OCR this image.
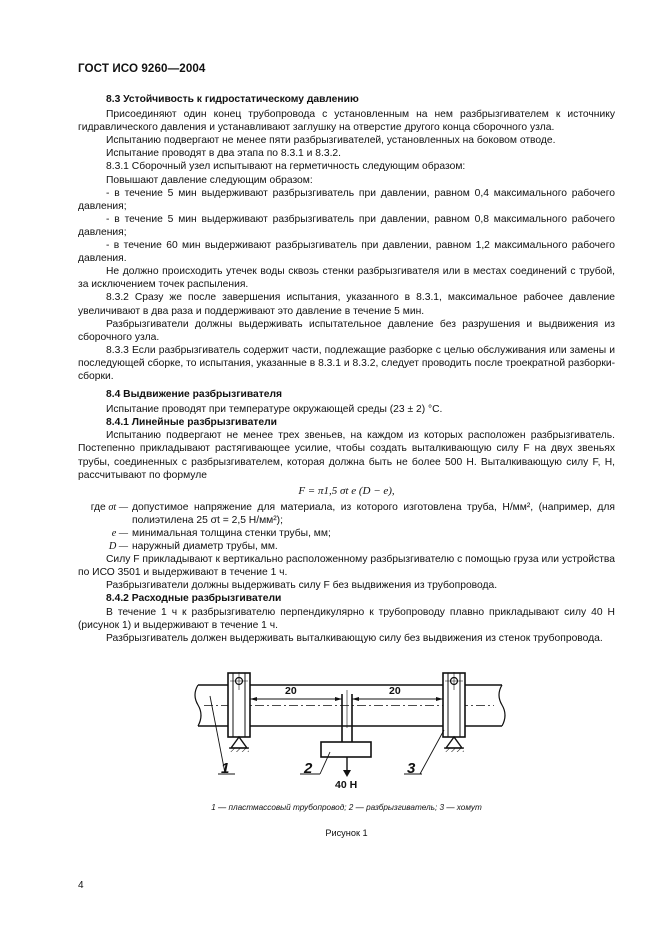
ГОСТ ИСО 9260—2004

8.3 Устойчивость к гидростатическому давлению

Присоединяют один конец трубопровода с установленным на нем разбрызгивателем к источнику гидравлического давления и устанавливают заглушку на отверстие другого конца сборочного узла.

Испытанию подвергают не менее пяти разбрызгивателей, установленных на боковом отводе.

Испытание проводят в два этапа по 8.3.1 и 8.3.2.

8.3.1 Сборочный узел испытывают на герметичность следующим образом:

Повышают давление следующим образом:

- в течение 5 мин выдерживают разбрызгиватель при давлении, равном 0,4 максимального рабочего давления;

- в течение 5 мин выдерживают разбрызгиватель при давлении, равном 0,8 максимального рабочего давления;

- в течение 60 мин выдерживают разбрызгиватель при давлении, равном 1,2 максимального рабочего давления.

Не должно происходить утечек воды сквозь стенки разбрызгивателя или в местах соединений с трубой, за исключением точек распыления.

8.3.2 Сразу же после завершения испытания, указанного в 8.3.1, максимальное рабочее давление увеличивают в два раза и поддерживают это давление в течение 5 мин.

Разбрызгиватели должны выдерживать испытательное давление без разрушения и выдвижения из сборочного узла.

8.3.3 Если разбрызгиватель содержит части, подлежащие разборке с целью обслуживания или замены и последующей сборке, то испытания, указанные в 8.3.1 и 8.3.2, следует проводить после троекратной разборки-сборки.

8.4 Выдвижение разбрызгивателя

Испытание проводят при температуре окружающей среды (23 ± 2) °С.

8.4.1 Линейные разбрызгиватели

Испытанию подвергают не менее трех звеньев, на каждом из которых расположен разбрызгиватель. Постепенно прикладывают растягивающее усилие, чтобы создать выталкивающую силу F на двух звеньях трубы, соединенных с разбрызгивателем, которая должна быть не более 500 Н. Выталкивающую силу F, Н, рассчитывают по формуле

F = π1,5 σt e (D − e),

где σt — допустимое напряжение для материала, из которого изготовлена труба, Н/мм², (например, для полиэтилена 25 σt = 2,5 Н/мм²);
e — минимальная толщина стенки трубы, мм;
D — наружный диаметр трубы, мм.

Силу F прикладывают к вертикально расположенному разбрызгивателю с помощью груза или устройства по ИСО 3501 и выдерживают в течение 1 ч.

Разбрызгиватели должны выдерживать силу F без выдвижения из трубопровода.

8.4.2 Расходные разбрызгиватели

В течение 1 ч к разбрызгивателю перпендикулярно к трубопроводу плавно прикладывают силу 40 Н (рисунок 1) и выдерживают в течение 1 ч.

Разбрызгиватель должен выдерживать выталкивающую силу без выдвижения из стенок трубопровода.

20	20
40 Н
1	2	3
1 — пластмассовый трубопровод; 2 — разбрызгиватель; 3 — хомут
Рисунок 1
4
